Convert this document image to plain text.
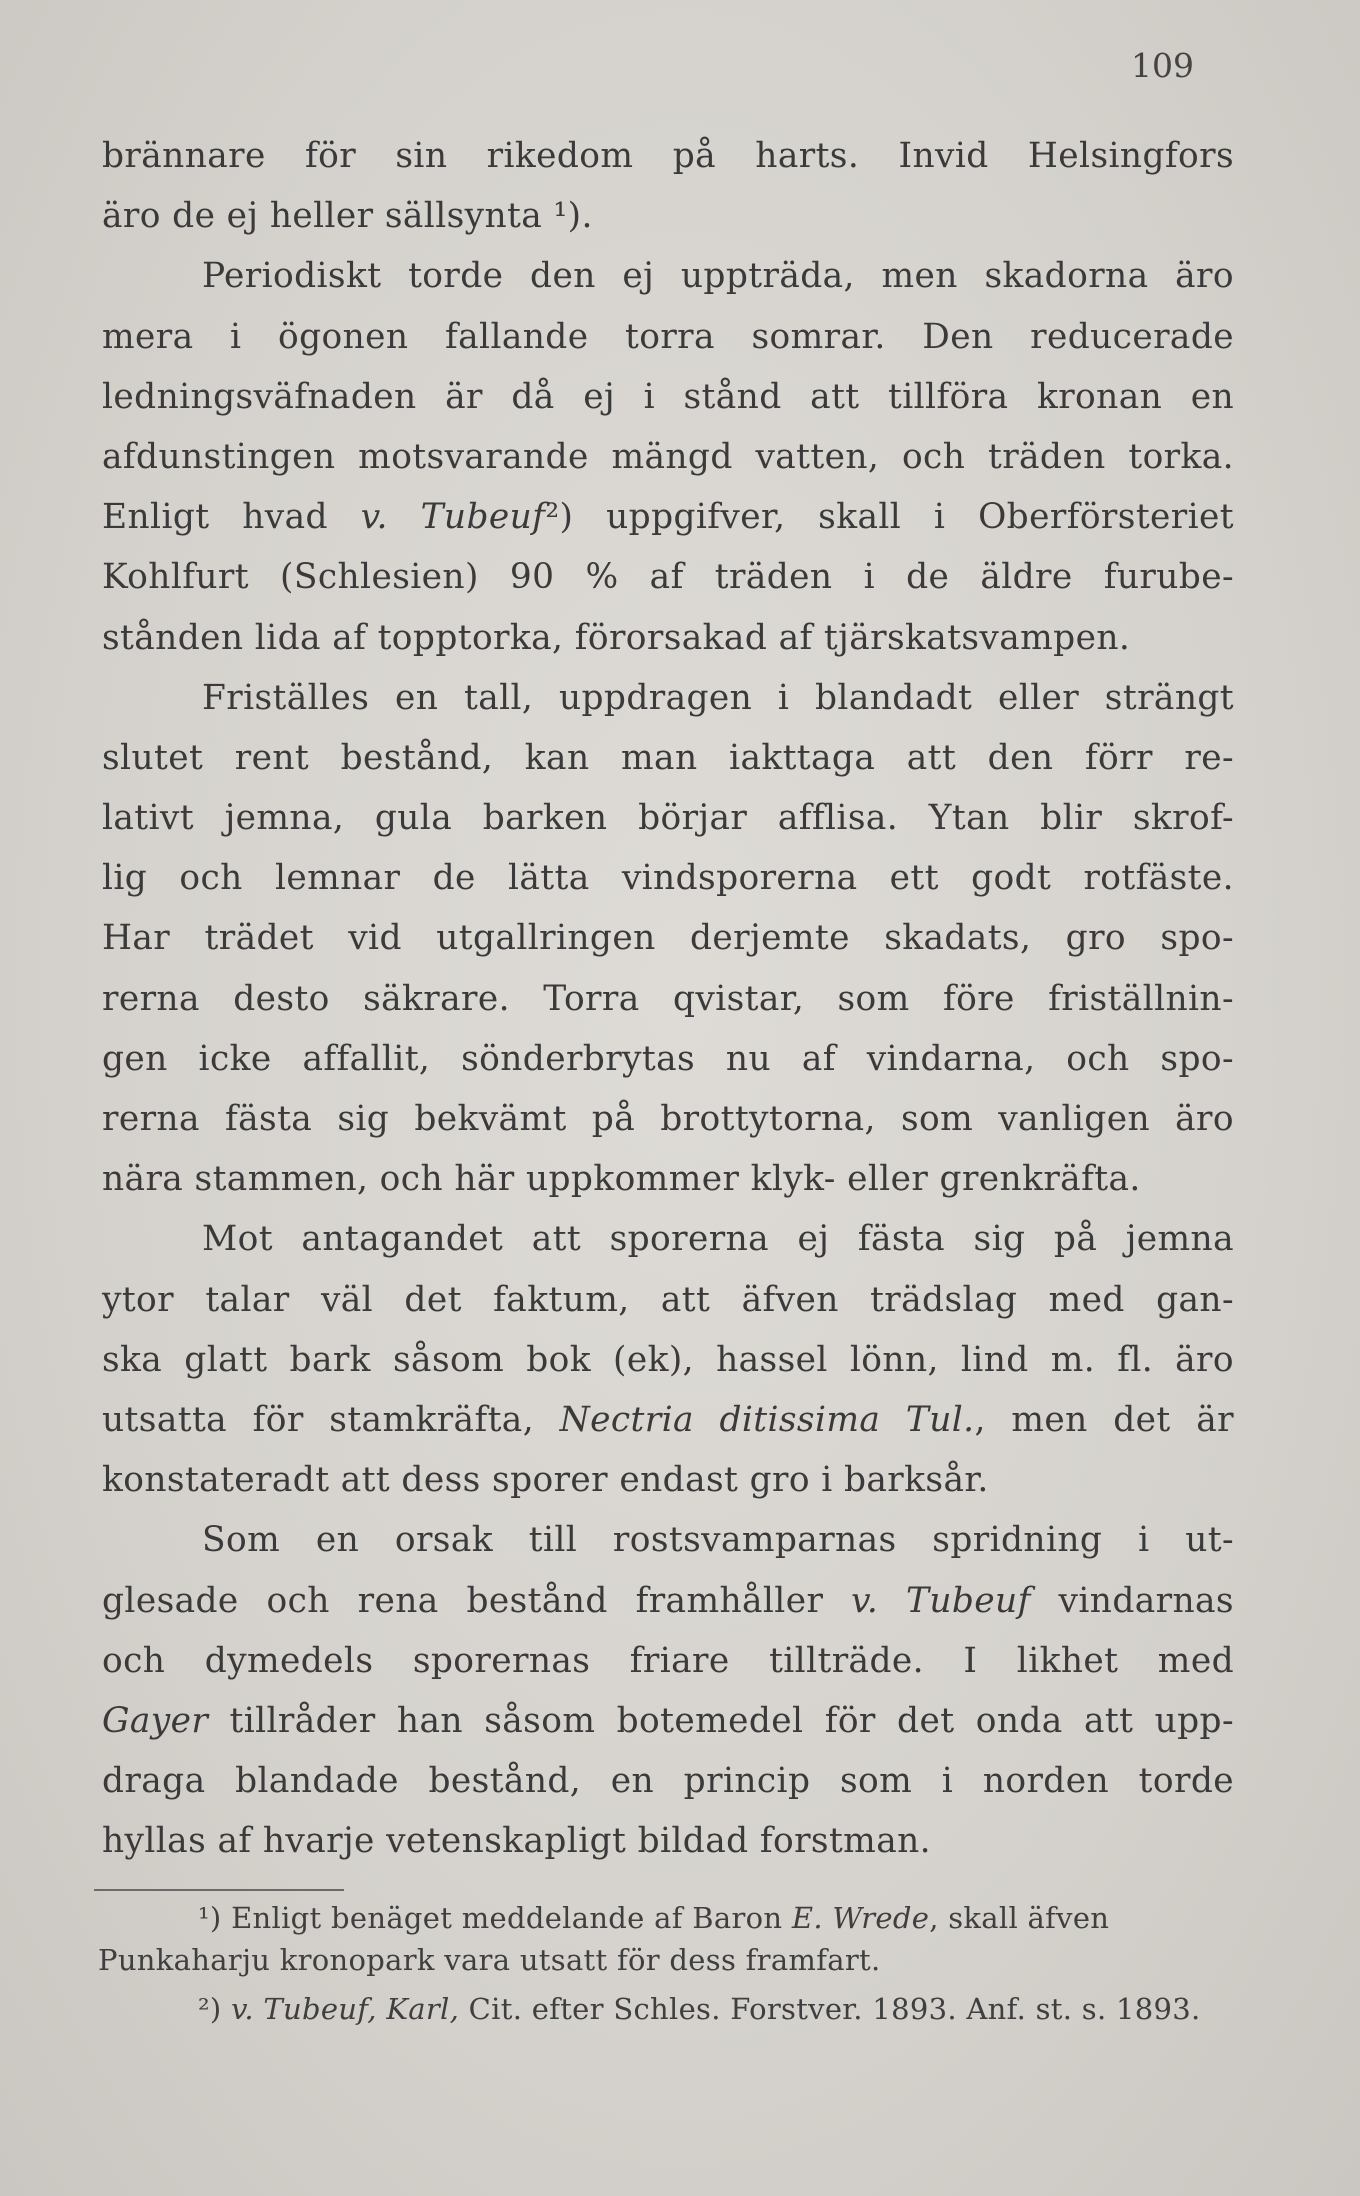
109

brännare för sin rikedom på harts. Invid Helsingfors
äro de ej heller sällsynta ¹).
Periodiskt torde den ej uppträda, men skadorna äro
mera i ögonen fallande torra somrar. Den reducerade
ledningsväfnaden är då ej i stånd att tillföra kronan en
afdunstingen motsvarande mängd vatten, och träden torka.
Enligt hvad v. Tubeuf²) uppgifver, skall i Oberförsteriet
Kohlfurt (Schlesien) 90 % af träden i de äldre furube-
stånden lida af topptorka, förorsakad af tjärskatsvampen.
Friställes en tall, uppdragen i blandadt eller strängt
slutet rent bestånd, kan man iakttaga att den förr re-
lativt jemna, gula barken börjar afflisa. Ytan blir skrof-
lig och lemnar de lätta vindsporerna ett godt rotfäste.
Har trädet vid utgallringen derjemte skadats, gro spo-
rerna desto säkrare. Torra qvistar, som före friställnin-
gen icke affallit, sönderbrytas nu af vindarna, och spo-
rerna fästa sig bekvämt på brottytorna, som vanligen äro
nära stammen, och här uppkommer klyk- eller grenkräfta.
Mot antagandet att sporerna ej fästa sig på jemna
ytor talar väl det faktum, att äfven trädslag med gan-
ska glatt bark såsom bok (ek), hassel lönn, lind m. fl. äro
utsatta för stamkräfta, Nectria ditissima Tul., men det är
konstateradt att dess sporer endast gro i barksår.
Som en orsak till rostsvamparnas spridning i ut-
glesade och rena bestånd framhåller v. Tubeuf vindarnas
och dymedels sporernas friare tillträde. I likhet med
Gayer tillråder han såsom botemedel för det onda att upp-
draga blandade bestånd, en princip som i norden torde
hyllas af hvarje vetenskapligt bildad forstman.
¹) Enligt benäget meddelande af Baron E. Wrede, skall äfven
Punkaharju kronopark vara utsatt för dess framfart.
²) v. Tubeuf, Karl, Cit. efter Schles. Forstver. 1893. Anf. st. s. 1893.
